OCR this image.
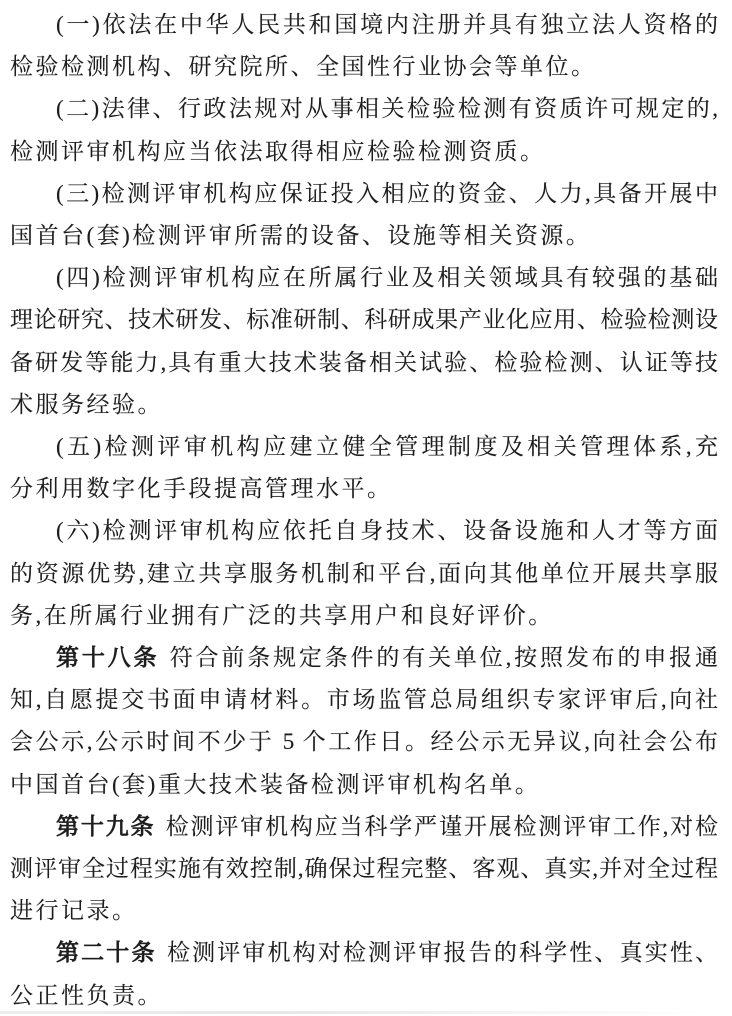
(一)依法在中华人民共和国境内注册并具有独立法人资格的
检验检测机构、研究院所、全国性行业协会等单位。
(二)法律、行政法规对从事相关检验检测有资质许可规定的,
检测评审机构应当依法取得相应检验检测资质。
(三)检测评审机构应保证投入相应的资金、人力,具备开展中
国首台(套)检测评审所需的设备、设施等相关资源。
(四)检测评审机构应在所属行业及相关领域具有较强的基础
理论研究、技术研发、标准研制、科研成果产业化应用、检验检测设
备研发等能力,具有重大技术装备相关试验、检验检测、认证等技
术服务经验。
(五)检测评审机构应建立健全管理制度及相关管理体系,充
分利用数字化手段提高管理水平。
(六)检测评审机构应依托自身技术、设备设施和人才等方面
的资源优势,建立共享服务机制和平台,面向其他单位开展共享服
务,在所属行业拥有广泛的共享用户和良好评价。
第十八条 符合前条规定条件的有关单位,按照发布的申报通
知,自愿提交书面申请材料。市场监管总局组织专家评审后,向社
会公示,公示时间不少于 5 个工作日。经公示无异议,向社会公布
中国首台(套)重大技术装备检测评审机构名单。
第十九条 检测评审机构应当科学严谨开展检测评审工作,对检
测评审全过程实施有效控制,确保过程完整、客观、真实,并对全过程
进行记录。
第二十条 检测评审机构对检测评审报告的科学性、真实性、
公正性负责。
